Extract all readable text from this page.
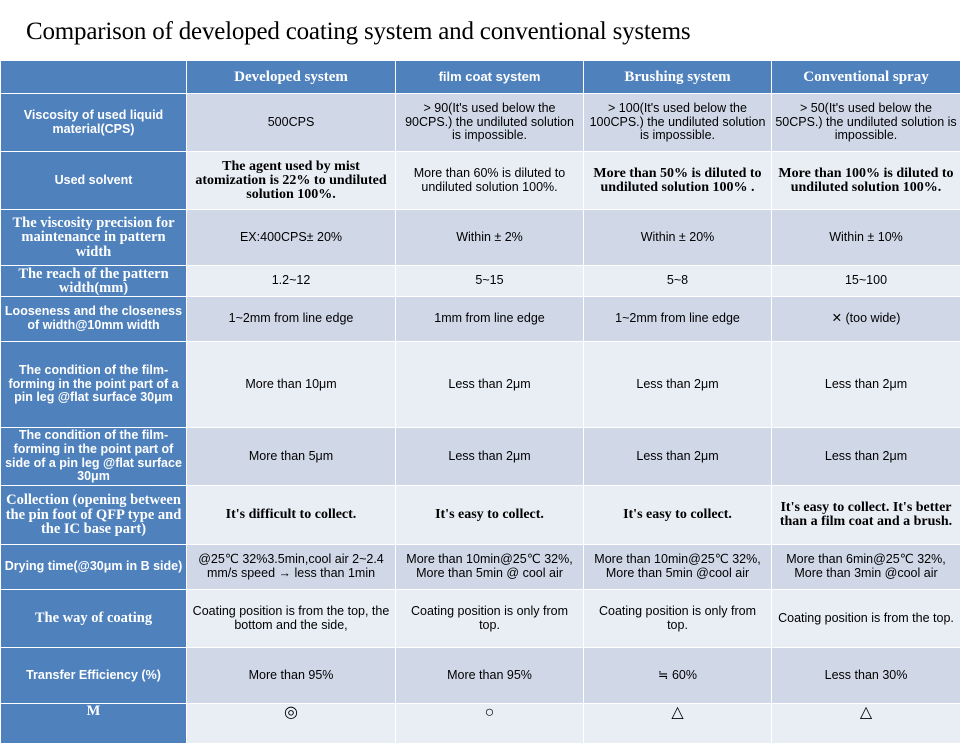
Comparison of developed coating system and conventional systems
	Developed system	film coat system	Brushing system	Conventional spray
Viscosity of used liquid material(CPS)	500CPS	> 90(It's used below the 90CPS.) the undiluted solution is impossible.	> 100(It's used below the 100CPS.) the undiluted solution is impossible.	> 50(It's used below the 50CPS.) the undiluted solution is impossible.
Used solvent	The agent used by mist atomization is 22% to undiluted solution 100%.	More than 60% is diluted to undiluted solution 100%.	More than 50% is diluted to undiluted solution 100% .	More than 100% is diluted to undiluted solution 100%.
The viscosity precision for maintenance in pattern width	EX:400CPS± 20%	Within ± 2%	Within ± 20%	Within ± 10%
The reach of the pattern width(mm)	1.2~12	5~15	5~8	15~100
Looseness and the closeness of width@10mm width	1~2mm from line edge	1mm from line edge	1~2mm from line edge	✕ (too wide)
The condition of the film-forming in the point part of a pin leg @flat surface 30μm	More than 10μm	Less than 2μm	Less than 2μm	Less than 2μm
The condition of the film-forming in the point part of side of a pin leg @flat surface 30μm	More than 5μm	Less than 2μm	Less than 2μm	Less than 2μm
Collection (opening between the pin foot of QFP type and the IC base part)	It's difficult to collect.	It's easy to collect.	It's easy to collect.	It's easy to collect. It's better than a film coat and a brush.
Drying time(@30μm in B side)	@25℃ 32%3.5min,cool air 2~2.4 mm/s speed → less than 1min	More than 10min@25℃ 32%, More than 5min @ cool air	More than 10min@25℃ 32%, More than 5min @cool air	More than 6min@25℃ 32%, More than 3min @cool air
The way of coating	Coating position is from the top, the bottom and the side,	Coating position is only from top.	Coating position is only from top.	Coating position is from the top.
Transfer Efficiency (%)	More than 95%	More than 95%	≒ 60%	Less than 30%
M	◎	○	△	△
